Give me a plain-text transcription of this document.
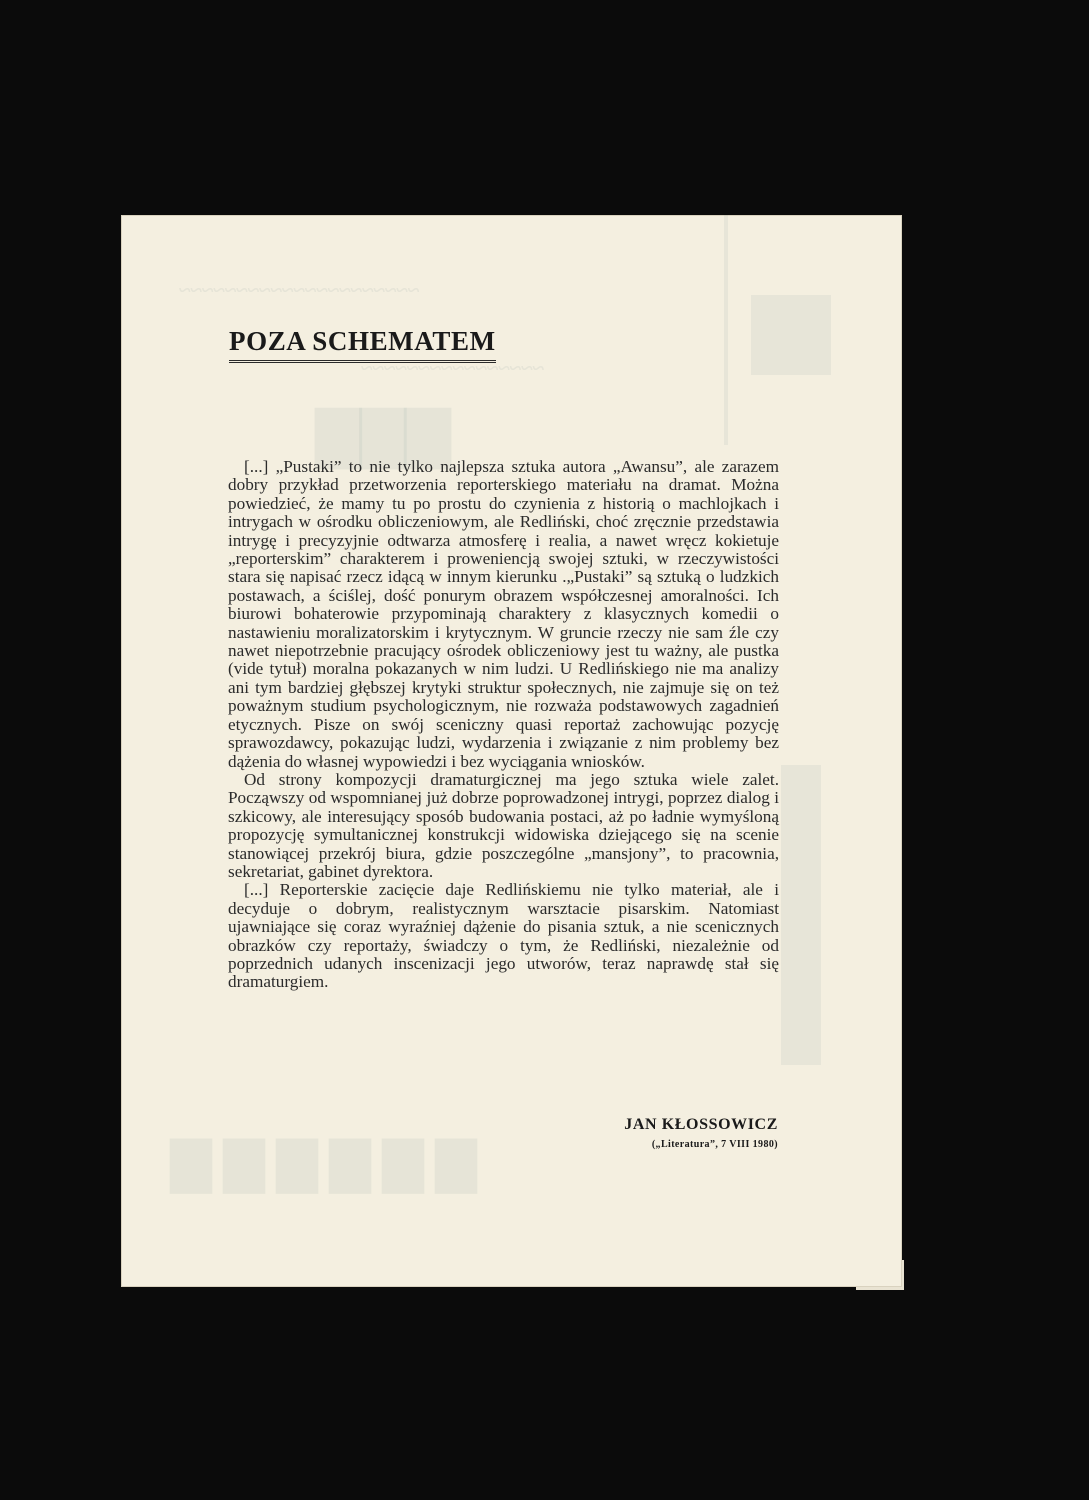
~~~~~~~~~~~~~~~~~~~~~
~~~~~~~~~~~~~~~~
▇▇▇
▇ ▇ ▇ ▇ ▇ ▇
POZA SCHEMATEM

[...] „Pustaki” to nie tylko najlepsza sztuka autora „Awansu”, ale zarazem dobry przykład przetworzenia reporterskiego materiału na dramat. Można powiedzieć, że mamy tu po prostu do czynienia z historią o machlojkach i intrygach w ośrodku obliczeniowym, ale Redliński, choć zręcznie przedstawia intrygę i precyzyjnie odtwarza atmosferę i realia, a nawet wręcz kokietuje „reporterskim” charakterem i proweniencją swojej sztuki, w rzeczywistości stara się napisać rzecz idącą w innym kierunku .„Pustaki” są sztuką o ludzkich postawach, a ściślej, dość ponurym obrazem współczesnej amoralności. Ich biurowi bohaterowie przypominają charaktery z klasycznych komedii o nastawieniu moralizatorskim i krytycznym. W gruncie rzeczy nie sam źle czy nawet niepotrzebnie pracujący ośrodek obliczeniowy jest tu ważny, ale pustka (vide tytuł) moralna pokazanych w nim ludzi. U Redlińskiego nie ma analizy ani tym bardziej głębszej krytyki struktur społecznych, nie zajmuje się on też poważnym studium psychologicznym, nie rozważa podstawowych zagadnień etycznych. Pisze on swój sceniczny quasi reportaż zachowując pozycję sprawozdawcy, pokazując ludzi, wydarzenia i związanie z nim problemy bez dążenia do własnej wypowiedzi i bez wyciągania wniosków.

Od strony kompozycji dramaturgicznej ma jego sztuka wiele zalet. Począwszy od wspomnianej już dobrze poprowadzonej intrygi, poprzez dialog i szkicowy, ale interesujący sposób budowania postaci, aż po ładnie wymyśloną propozycję symultanicznej konstrukcji widowiska dziejącego się na scenie stanowiącej przekrój biura, gdzie poszczególne „mansjony”, to pracownia, sekretariat, gabinet dyrektora.

[...] Reporterskie zacięcie daje Redlińskiemu nie tylko materiał, ale i decyduje o dobrym, realistycznym warsztacie pisarskim. Natomiast ujawniające się coraz wyraźniej dążenie do pisania sztuk, a nie scenicznych obrazków czy reportaży, świadczy o tym, że Redliński, niezależnie od poprzednich udanych inscenizacji jego utworów, teraz naprawdę stał się dramaturgiem.

JAN KŁOSSOWICZ
(„Literatura”, 7 VIII 1980)
